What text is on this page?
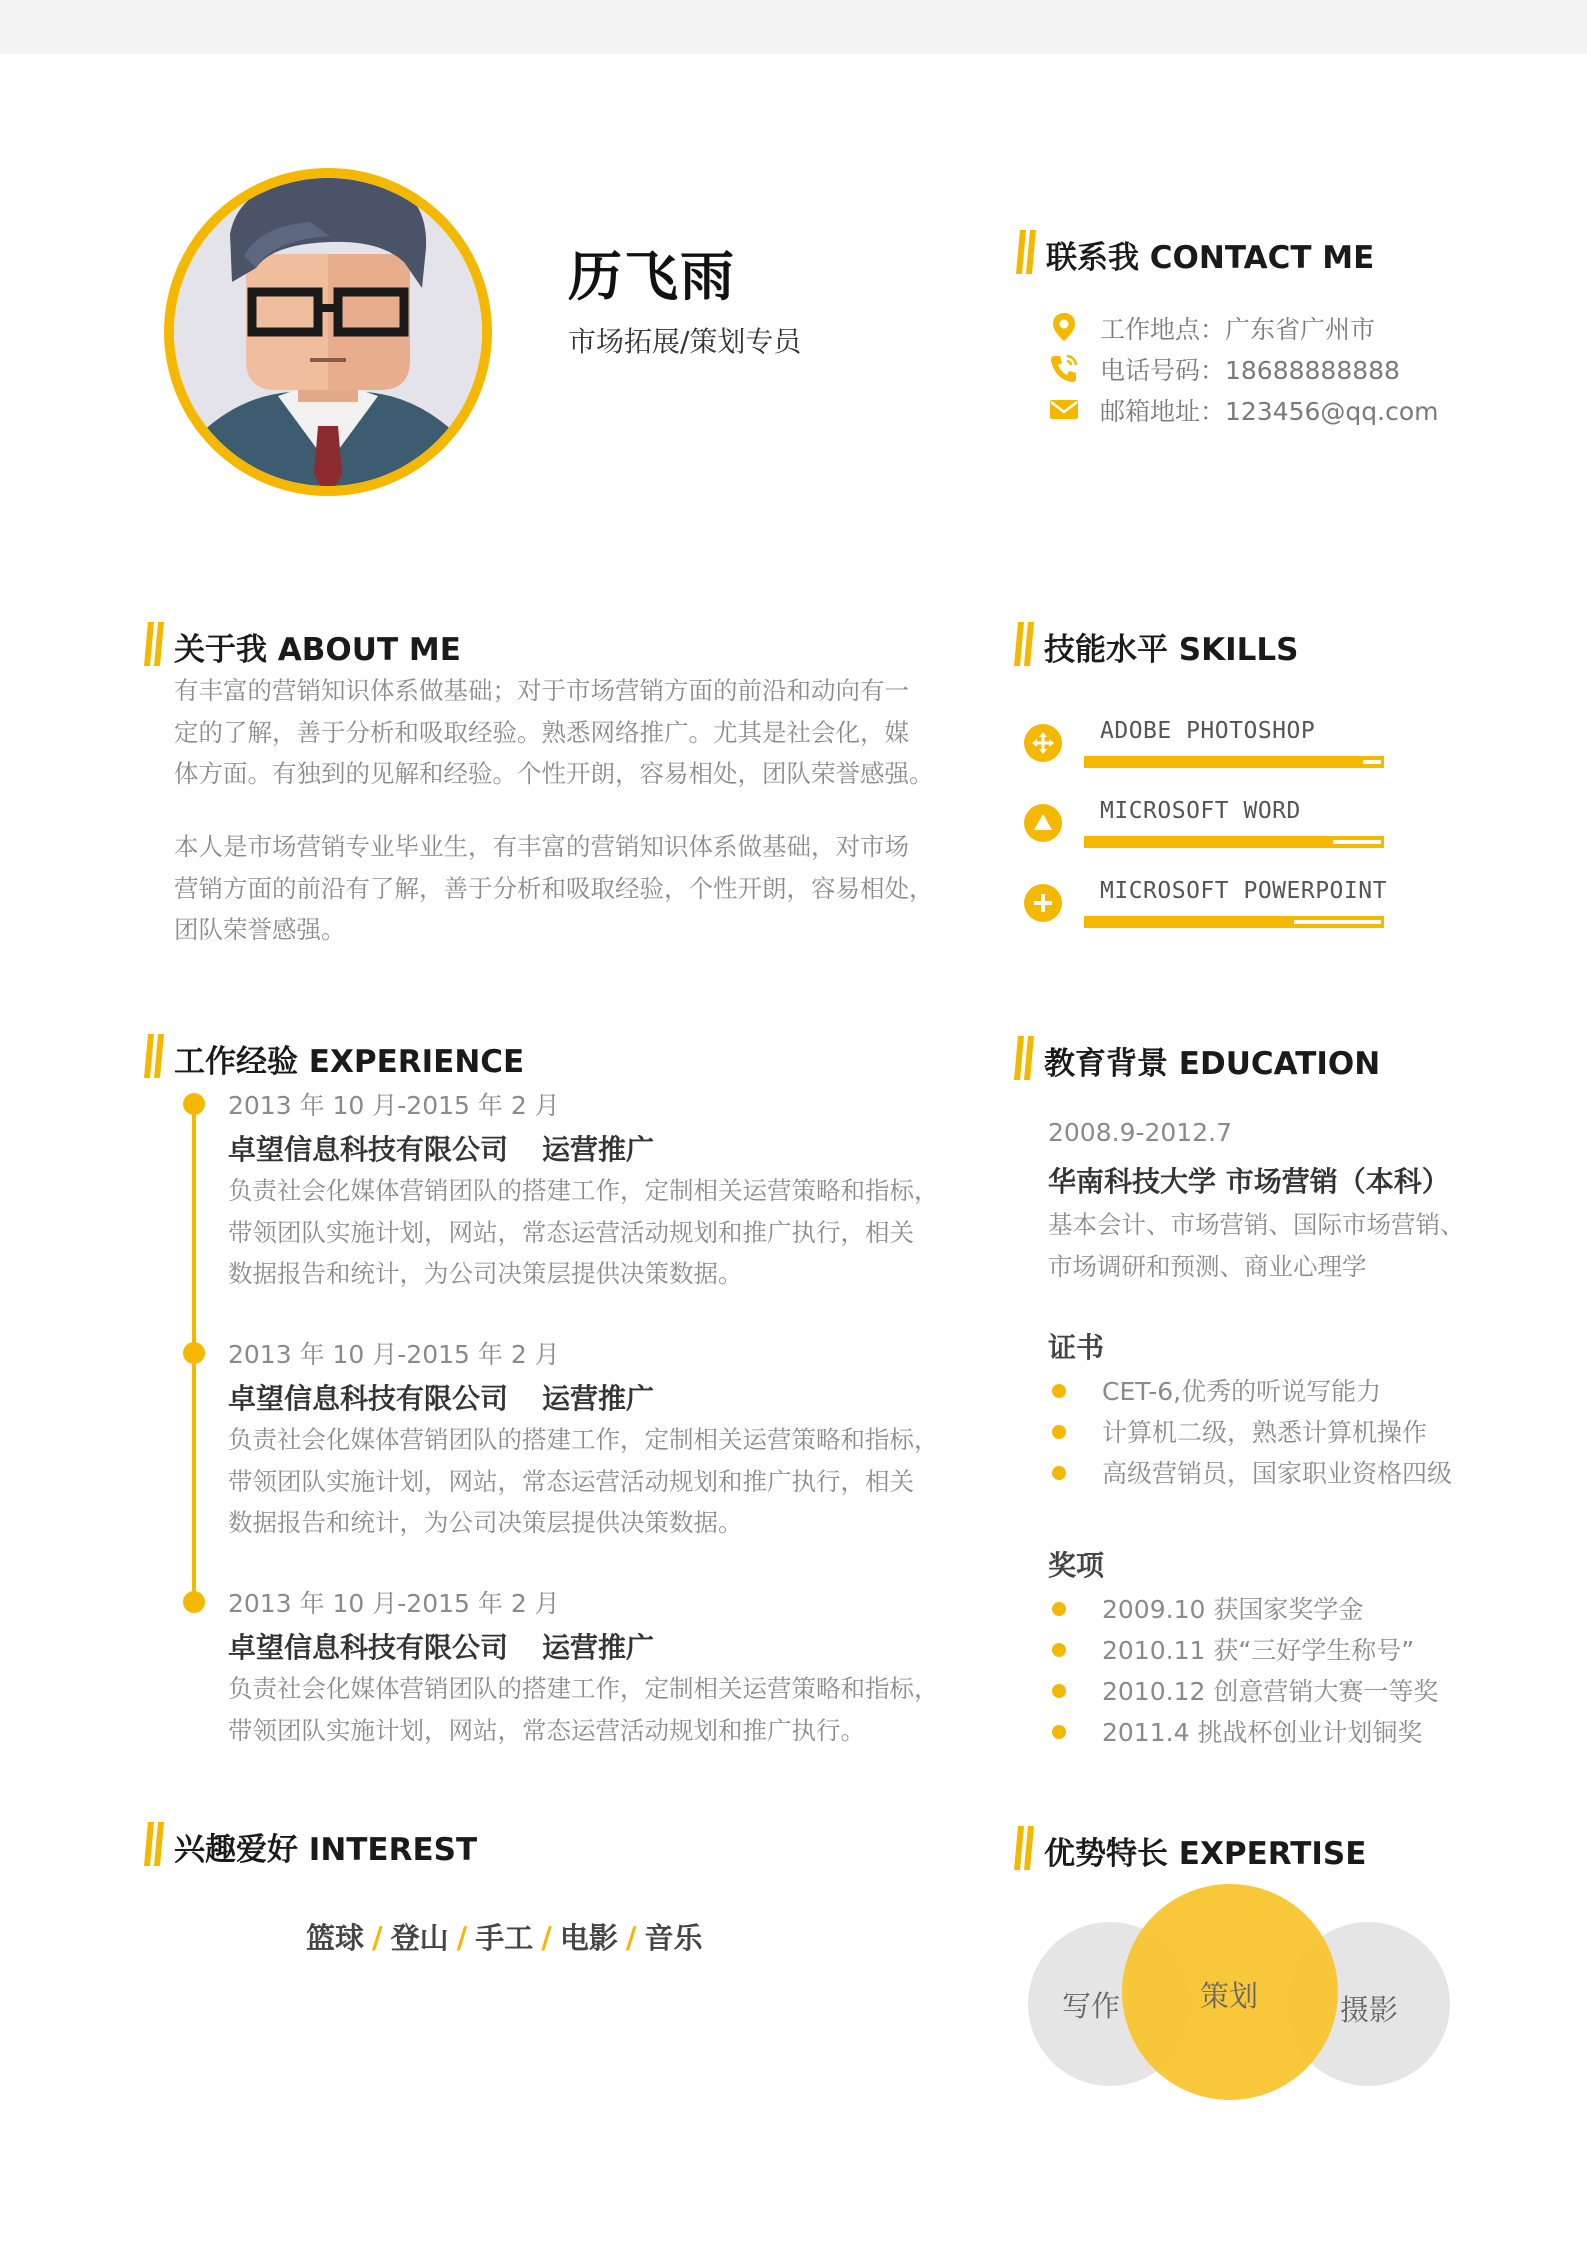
历飞雨
市场拓展/策划专员
联系我 CONTACT ME
工作地点：广东省广州市
电话号码：18688888888
邮箱地址：123456@qq.com
关于我 ABOUT ME
有丰富的营销知识体系做基础；对于市场营销方面的前沿和动向有一
定的了解，善于分析和吸取经验。熟悉网络推广。尤其是社会化，媒
体方面。有独到的见解和经验。个性开朗，容易相处，团队荣誉感强。
本人是市场营销专业毕业生，有丰富的营销知识体系做基础，对市场
营销方面的前沿有了解，善于分析和吸取经验，个性开朗，容易相处，
团队荣誉感强。
技能水平 SKILLS
ADOBE PHOTOSHOP
MICROSOFT WORD
MICROSOFT POWERPOINT
工作经验 EXPERIENCE
2013 年 10 月-2015 年 2 月
卓望信息科技有限公司 运营推广
负责社会化媒体营销团队的搭建工作，定制相关运营策略和指标，
带领团队实施计划，网站，常态运营活动规划和推广执行，相关
数据报告和统计，为公司决策层提供决策数据。
2013 年 10 月-2015 年 2 月
卓望信息科技有限公司 运营推广
负责社会化媒体营销团队的搭建工作，定制相关运营策略和指标，
带领团队实施计划，网站，常态运营活动规划和推广执行，相关
数据报告和统计，为公司决策层提供决策数据。
2013 年 10 月-2015 年 2 月
卓望信息科技有限公司 运营推广
负责社会化媒体营销团队的搭建工作，定制相关运营策略和指标，
带领团队实施计划，网站，常态运营活动规划和推广执行。
教育背景 EDUCATION
2008.9-2012.7
华南科技大学 市场营销（本科）
基本会计、市场营销、国际市场营销、
市场调研和预测、商业心理学
证书
CET-6,优秀的听说写能力
计算机二级，熟悉计算机操作
高级营销员，国家职业资格四级
奖项
2009.10 获国家奖学金
2010.11 获“三好学生称号”
2010.12 创意营销大赛一等奖
2011.4 挑战杯创业计划铜奖
兴趣爱好 INTEREST
篮球 / 登山 / 手工 / 电影 / 音乐
优势特长 EXPERTISE
写作	策划	摄影
